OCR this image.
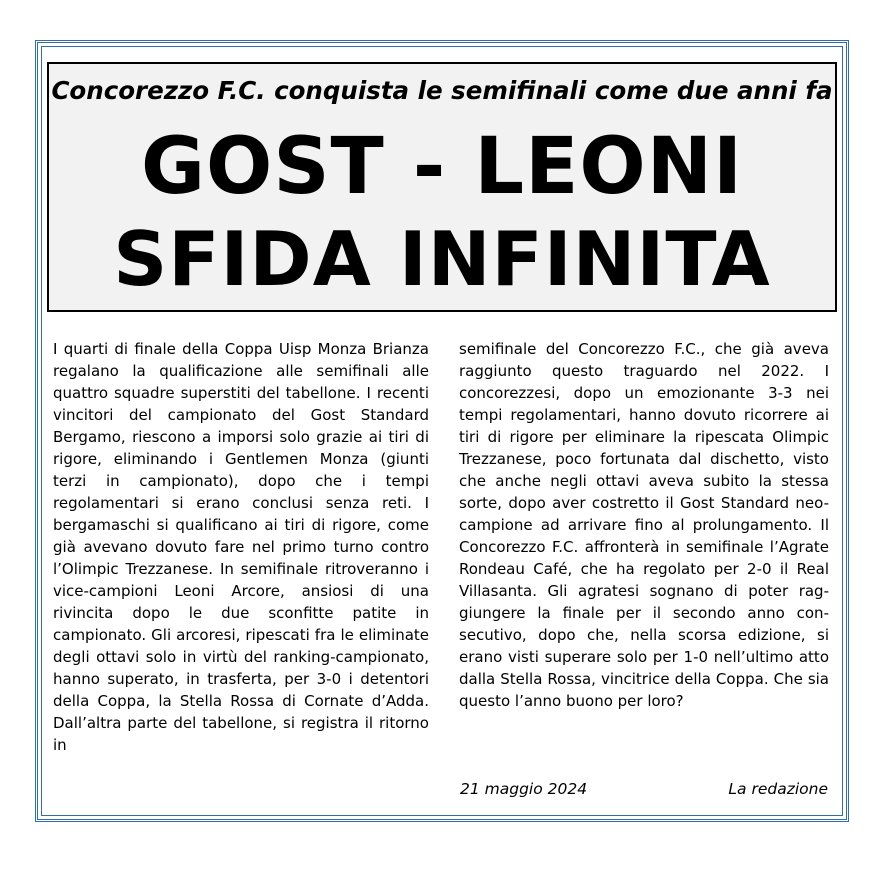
Concorezzo F.C. conquista le semifinali come due anni fa
GOST - LEONI
SFIDA INFINITA
I quarti di finale della Coppa Uisp Monza Brianza regalano la qualificazione alle semifinali alle quattro squadre superstiti del tabellone. I recenti vincitori del campionato del Gost Standard Bergamo, riescono a imporsi solo grazie ai tiri di rigore, eliminando i Gentlemen Monza (giunti terzi in campionato), dopo che i tempi regolamentari si erano conclusi senza reti. I bergamaschi si qualificano ai tiri di rigore, come già avevano dovuto fare nel primo turno contro l’Olimpic Trezzanese. In semifinale ritroveranno i vice-campioni Leoni Arcore, ansiosi di una rivincita dopo le due sconfitte patite in campionato. Gli arcoresi, ripescati fra le eliminate degli ottavi solo in virtù del ranking-campionato, hanno superato, in trasferta, per 3-0 i detentori della Coppa, la Stella Rossa di Cornate d’Adda. Dall’altra parte del tabellone, si registra il ritorno in
semifinale del Concorezzo F.C., che già aveva raggiunto questo traguardo nel 2022. I concorezzesi, dopo un emozionante 3-3 nei tempi regolamentari, hanno dovuto ricorrere ai tiri di rigore per eliminare la ripescata Olimpic Trezzanese, poco fortunata dal dischetto, visto che anche negli ottavi aveva subito la stessa sorte, dopo aver costretto il Gost Standard neo-campione ad arrivare fino al prolungamento. Il Concorezzo F.C. affronterà in semifinale l’Agrate Rondeau Café, che ha regolato per 2-0 il Real Villasanta. Gli agratesi sognano di poter raggiungere la finale per il secondo anno consecutivo, dopo che, nella scorsa edizione, si erano visti superare solo per 1-0 nell’ultimo atto dalla Stella Rossa, vincitrice della Coppa. Che sia questo l’anno buono per loro?
21 maggio 2024	La redazione
